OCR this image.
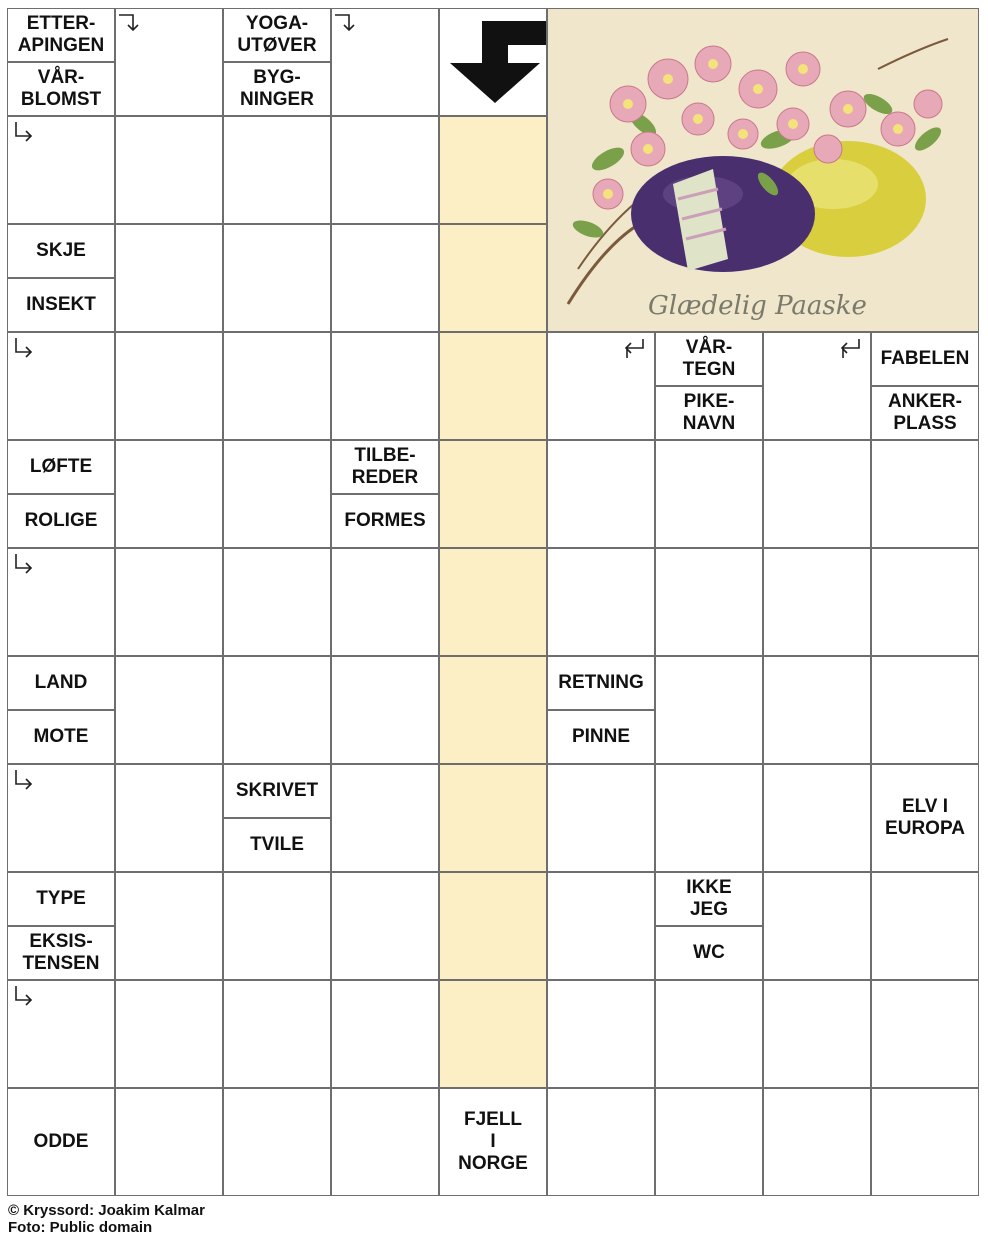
ETTER-
APINGEN
VÅR-
BLOMST
YOGA-
UTØVER
BYG-
NINGER
Glædelig Paaske
SKJE
INSEKT
VÅR-
TEGN
PIKE-
NAVN
FABELEN
ANKER-
PLASS
LØFTE
ROLIGE
TILBE-
REDER
FORMES
LAND
MOTE
RETNING
PINNE
SKRIVET
TVILE
ELV I
EUROPA
TYPE
EKSIS-
TENSEN
IKKE
JEG
WC
ODDE
FJELL
I
NORGE
© Kryssord: Joakim Kalmar
Foto: Public domain
